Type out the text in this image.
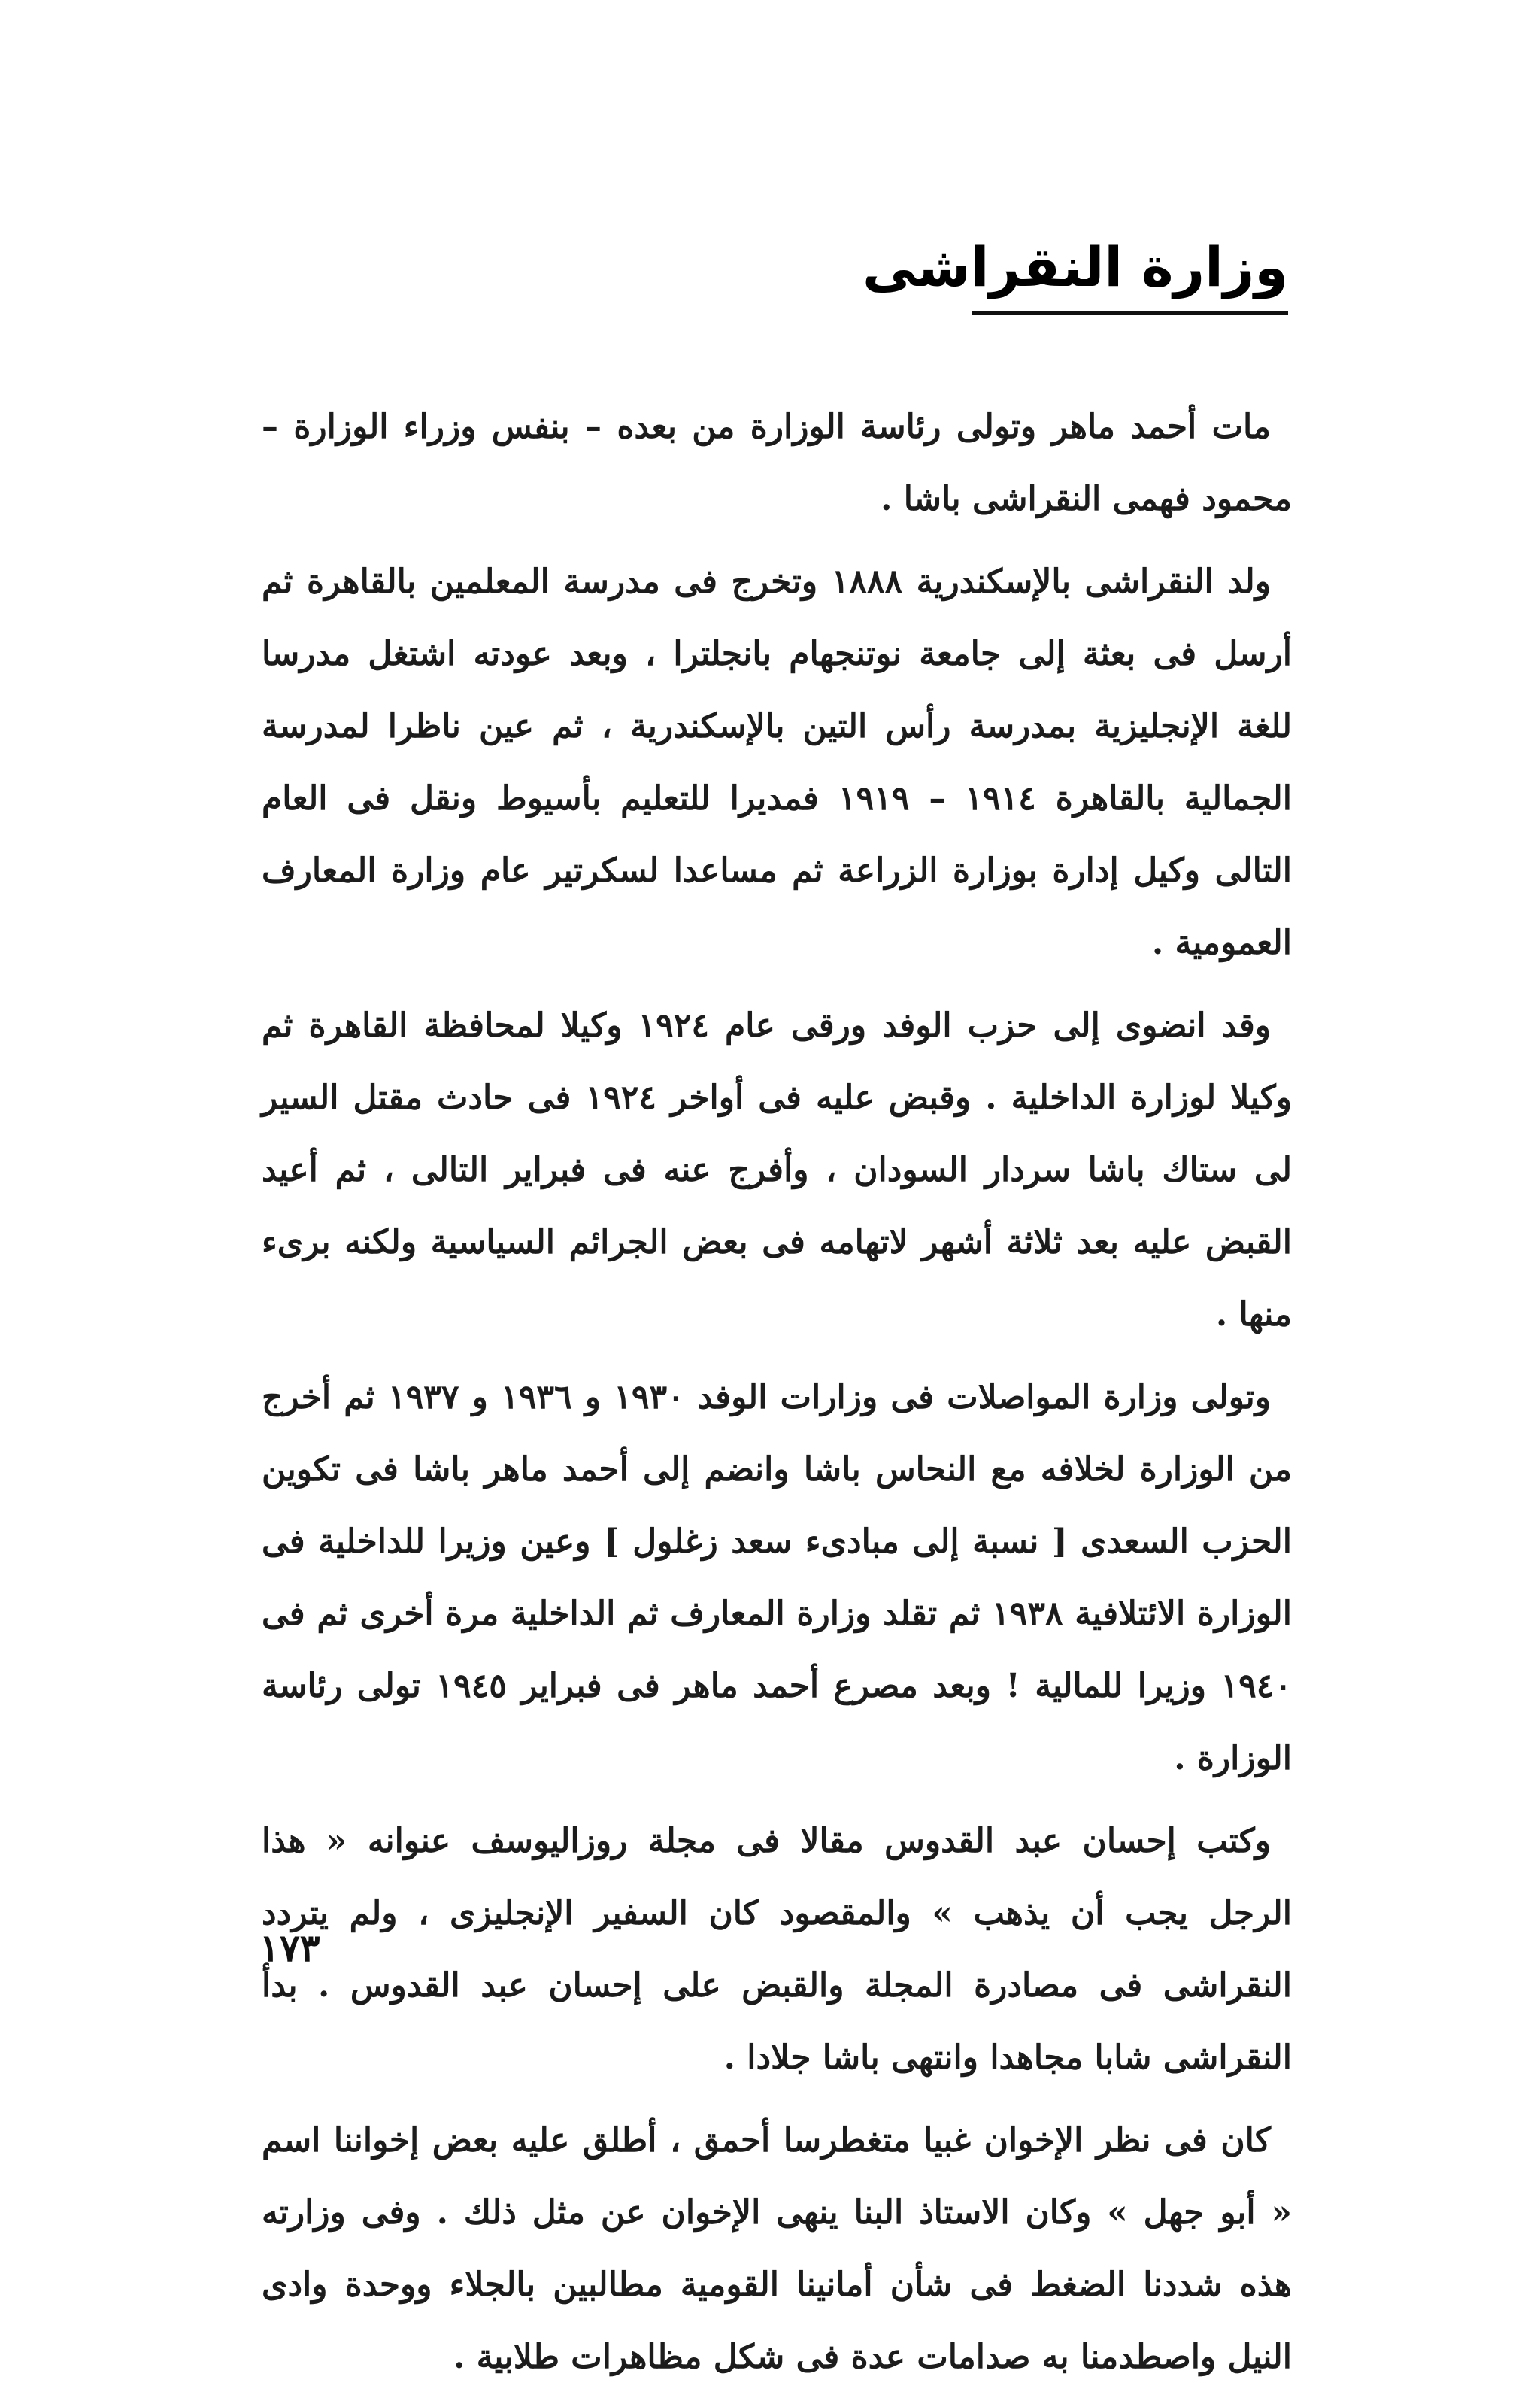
وزارة النقراشى

مات أحمد ماهر وتولى رئاسة الوزارة من بعده – بنفس وزراء الوزارة – محمود فهمى النقراشى باشا .

ولد النقراشى بالإسكندرية ١٨٨٨ وتخرج فى مدرسة المعلمين بالقاهرة ثم أرسل فى بعثة إلى جامعة نوتنجهام بانجلترا ، وبعد عودته اشتغل مدرسا للغة الإنجليزية بمدرسة رأس التين بالإسكندرية ، ثم عين ناظرا لمدرسة الجمالية بالقاهرة ١٩١٤ – ١٩١٩ فمديرا للتعليم بأسيوط ونقل فى العام التالى وكيل إدارة بوزارة الزراعة ثم مساعدا لسكرتير عام وزارة المعارف العمومية .

وقد انضوى إلى حزب الوفد ورقى عام ١٩٢٤ وكيلا لمحافظة القاهرة ثم وكيلا لوزارة الداخلية . وقبض عليه فى أواخر ١٩٢٤ فى حادث مقتل السير لى ستاك باشا سردار السودان ، وأفرج عنه فى فبراير التالى ، ثم أعيد القبض عليه بعد ثلاثة أشهر لاتهامه فى بعض الجرائم السياسية ولكنه برىء منها .

وتولى وزارة المواصلات فى وزارات الوفد ١٩٣٠ و ١٩٣٦ و ١٩٣٧ ثم أخرج من الوزارة لخلافه مع النحاس باشا وانضم إلى أحمد ماهر باشا فى تكوين الحزب السعدى [ نسبة إلى مبادىء سعد زغلول ] وعين وزيرا للداخلية فى الوزارة الائتلافية ١٩٣٨ ثم تقلد وزارة المعارف ثم الداخلية مرة أخرى ثم فى ١٩٤٠ وزيرا للمالية ! وبعد مصرع أحمد ماهر فى فبراير ١٩٤٥ تولى رئاسة الوزارة .

وكتب إحسان عبد القدوس مقالا فى مجلة روزاليوسف عنوانه « هذا الرجل يجب أن يذهب » والمقصود كان السفير الإنجليزى ، ولم يتردد النقراشى فى مصادرة المجلة والقبض على إحسان عبد القدوس . بدأ النقراشى شابا مجاهدا وانتهى باشا جلادا .

كان فى نظر الإخوان غبيا متغطرسا أحمق ، أطلق عليه بعض إخواننا اسم « أبو جهل » وكان الاستاذ البنا ينهى الإخوان عن مثل ذلك . وفى وزارته هذه شددنا الضغط فى شأن أمانينا القومية مطالبين بالجلاء ووحدة وادى النيل واصطدمنا به صدامات عدة فى شكل مظاهرات طلابية .

١٧٣
